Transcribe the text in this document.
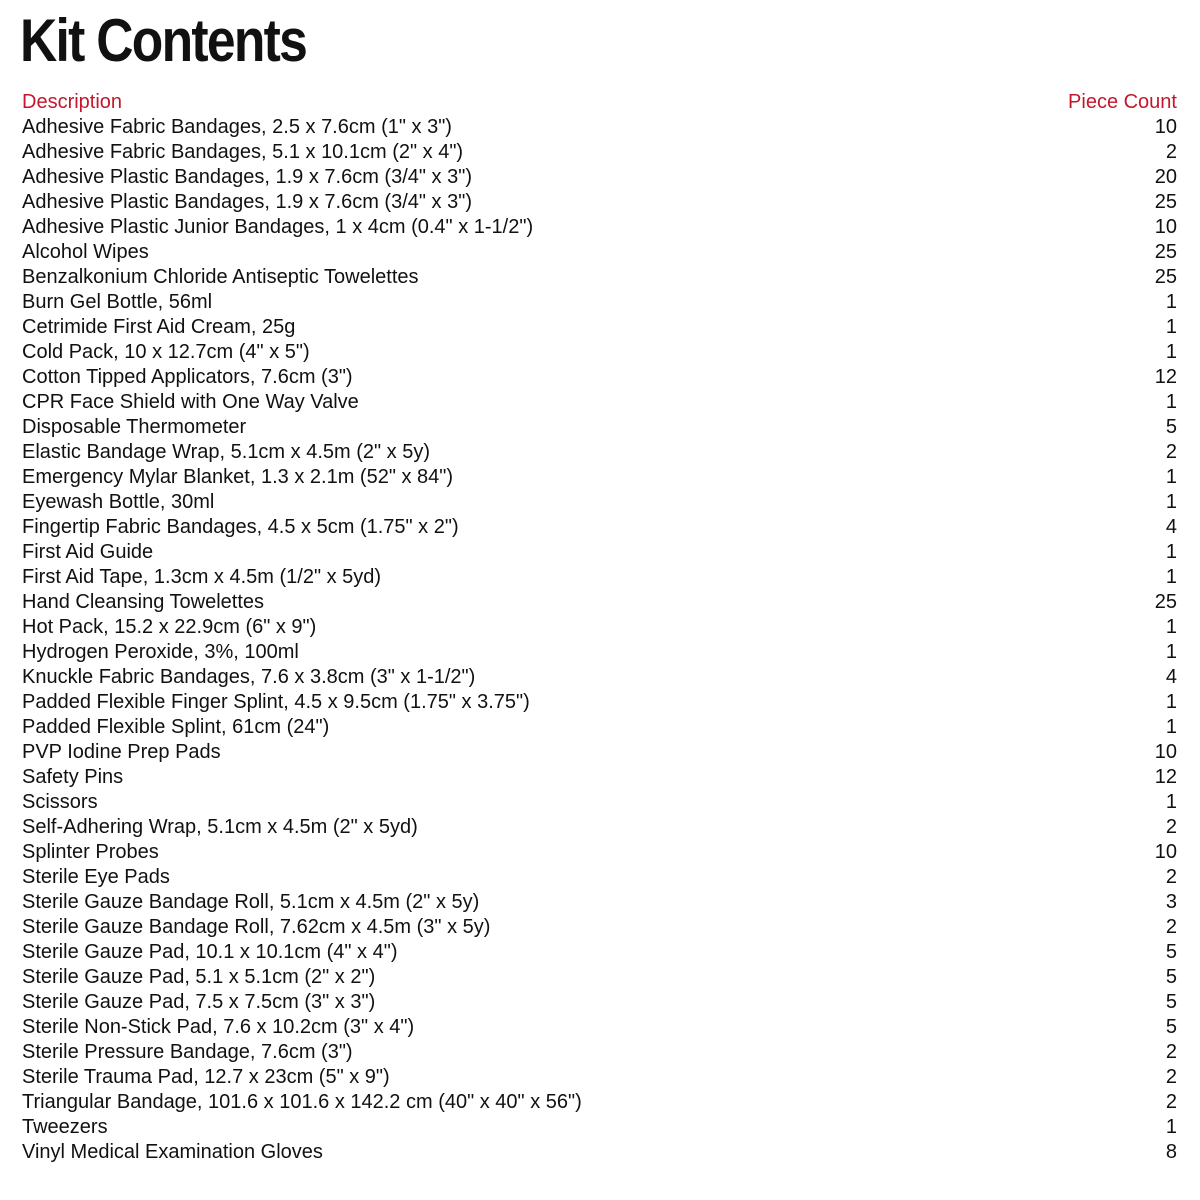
Kit Contents
Description	Piece Count
Adhesive Fabric Bandages, 2.5 x 7.6cm (1" x 3")	10
Adhesive Fabric Bandages, 5.1 x 10.1cm (2" x 4")	2
Adhesive Plastic Bandages, 1.9 x 7.6cm (3/4" x 3")	20
Adhesive Plastic Bandages, 1.9 x 7.6cm (3/4" x 3")	25
Adhesive Plastic Junior Bandages, 1 x 4cm (0.4" x 1-1/2")	10
Alcohol Wipes	25
Benzalkonium Chloride Antiseptic Towelettes	25
Burn Gel Bottle, 56ml	1
Cetrimide First Aid Cream, 25g	1
Cold Pack, 10 x 12.7cm (4" x 5")	1
Cotton Tipped Applicators, 7.6cm (3")	12
CPR Face Shield with One Way Valve	1
Disposable Thermometer	5
Elastic Bandage Wrap, 5.1cm x 4.5m (2" x 5y)	2
Emergency Mylar Blanket, 1.3 x 2.1m (52" x 84")	1
Eyewash Bottle, 30ml	1
Fingertip Fabric Bandages, 4.5 x 5cm (1.75" x 2")	4
First Aid Guide	1
First Aid Tape, 1.3cm x 4.5m (1/2" x 5yd)	1
Hand Cleansing Towelettes	25
Hot Pack, 15.2 x 22.9cm (6" x 9")	1
Hydrogen Peroxide, 3%, 100ml	1
Knuckle Fabric Bandages, 7.6 x 3.8cm (3" x 1-1/2")	4
Padded Flexible Finger Splint, 4.5 x 9.5cm (1.75" x 3.75")	1
Padded Flexible Splint, 61cm (24")	1
PVP Iodine Prep Pads	10
Safety Pins	12
Scissors	1
Self-Adhering Wrap, 5.1cm x 4.5m (2" x 5yd)	2
Splinter Probes	10
Sterile Eye Pads	2
Sterile Gauze Bandage Roll, 5.1cm x 4.5m (2" x 5y)	3
Sterile Gauze Bandage Roll, 7.62cm x 4.5m (3" x 5y)	2
Sterile Gauze Pad, 10.1 x 10.1cm (4" x 4")	5
Sterile Gauze Pad, 5.1 x 5.1cm (2" x 2")	5
Sterile Gauze Pad, 7.5 x 7.5cm (3" x 3")	5
Sterile Non-Stick Pad, 7.6 x 10.2cm (3" x 4")	5
Sterile Pressure Bandage, 7.6cm (3")	2
Sterile Trauma Pad, 12.7 x 23cm (5" x 9")	2
Triangular Bandage, 101.6 x 101.6 x 142.2 cm (40" x 40" x 56")	2
Tweezers	1
Vinyl Medical Examination Gloves	8
